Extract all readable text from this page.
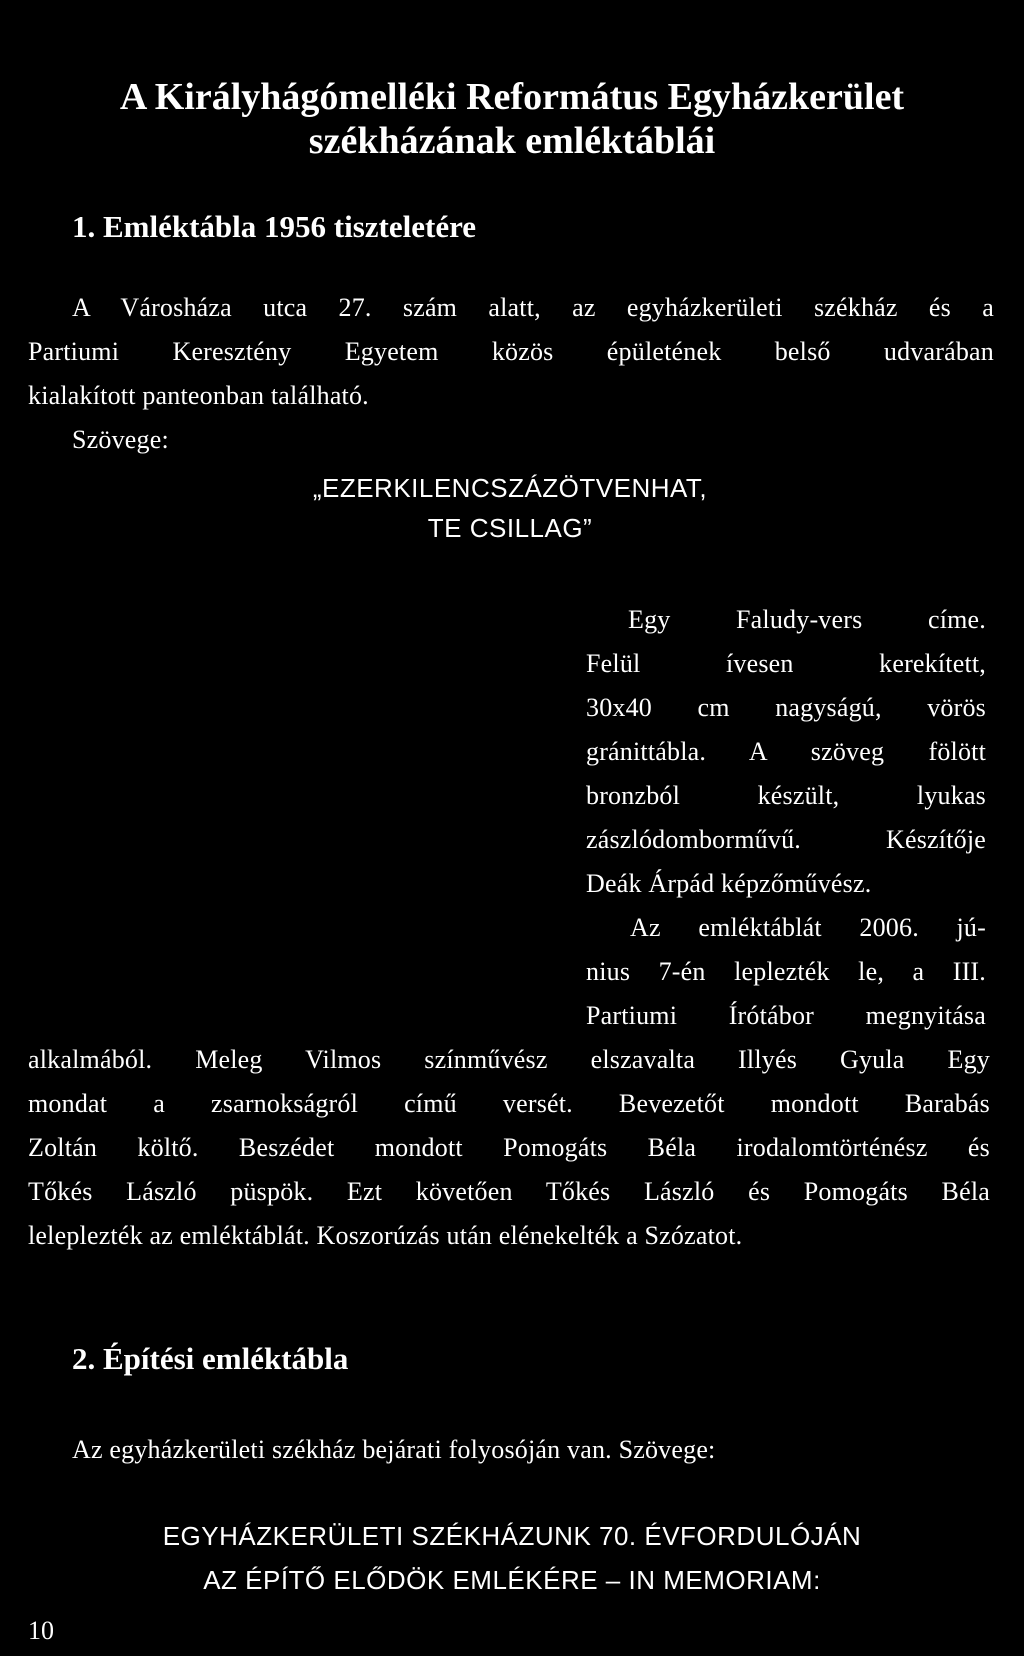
A Királyhágómelléki Református Egyházkerület
székházának emléktáblái
1. Emléktábla 1956 tiszteletére
A Városháza utca 27. szám alatt, az egyházkerületi székház és a
Partiumi Keresztény Egyetem közös épületének belső udvarában
kialakított panteonban található.
Szövege:
„EZERKILENCSZÁZÖTVENHAT,
TE CSILLAG”
Egy Faludy-vers címe.
Felül ívesen kerekített,
30x40 cm nagyságú, vörös
gránittábla. A szöveg fölött
bronzból készült, lyukas
zászlódomborművű. Készítője
Deák Árpád képzőművész.
Az emléktáblát 2006. jú-
nius 7-én leplezték le, a III.
Partiumi Írótábor megnyitása
alkalmából. Meleg Vilmos színművész elszavalta Illyés Gyula Egy
mondat a zsarnokságról című versét. Bevezetőt mondott Barabás
Zoltán költő. Beszédet mondott Pomogáts Béla irodalomtörténész és
Tőkés László püspök. Ezt követően Tőkés László és Pomogáts Béla
leleplezték az emléktáblát. Koszorúzás után elénekelték a Szózatot.
2. Építési emléktábla
Az egyházkerületi székház bejárati folyosóján van. Szövege:
EGYHÁZKERÜLETI SZÉKHÁZUNK 70. ÉVFORDULÓJÁN
AZ ÉPÍTŐ ELŐDÖK EMLÉKÉRE – IN MEMORIAM:
10
